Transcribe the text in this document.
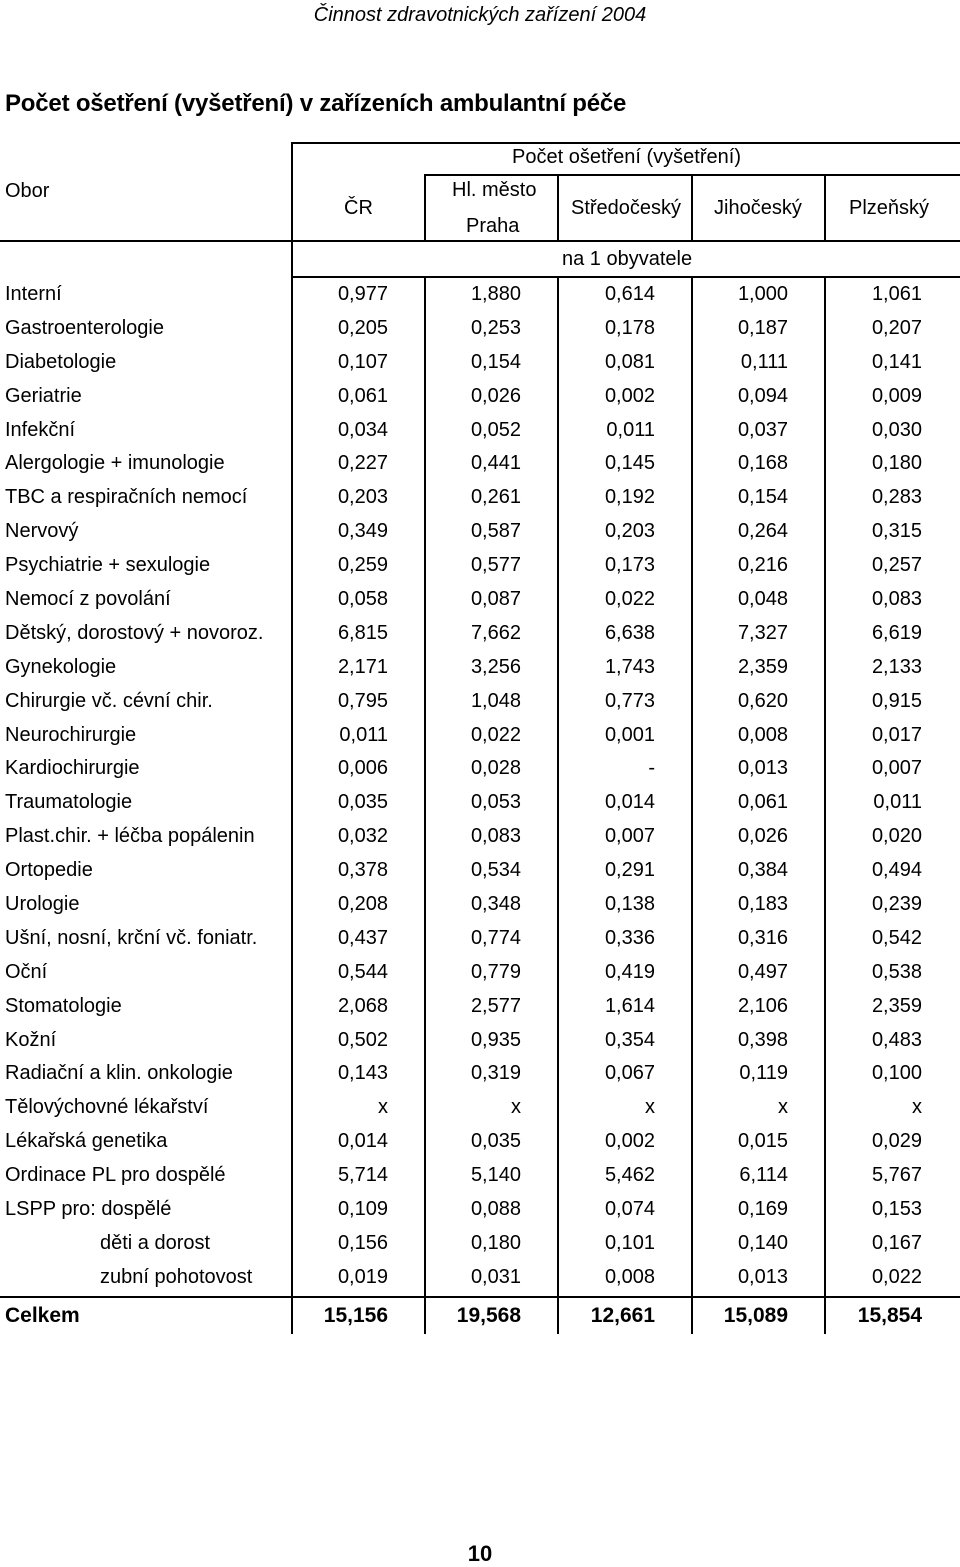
Činnost zdravotnických zařízení 2004
Počet ošetření (vyšetření) v zařízeních ambulantní péče
Obor
Počet ošetření (vyšetření)
ČR
Hl. město
Praha
Středočeský Jihočeský Plzeňský
na 1 obyvatele
Interní	0,977	1,880	0,614	1,000	1,061
Gastroenterologie	0,205	0,253	0,178	0,187	0,207
Diabetologie	0,107	0,154	0,081	0,111	0,141
Geriatrie	0,061	0,026	0,002	0,094	0,009
Infekční	0,034	0,052	0,011	0,037	0,030
Alergologie + imunologie	0,227	0,441	0,145	0,168	0,180
TBC a respiračních nemocí	0,203	0,261	0,192	0,154	0,283
Nervový	0,349	0,587	0,203	0,264	0,315
Psychiatrie + sexulogie	0,259	0,577	0,173	0,216	0,257
Nemocí z povolání	0,058	0,087	0,022	0,048	0,083
Dětský, dorostový + novoroz.	6,815	7,662	6,638	7,327	6,619
Gynekologie	2,171	3,256	1,743	2,359	2,133
Chirurgie vč. cévní chir.	0,795	1,048	0,773	0,620	0,915
Neurochirurgie	0,011	0,022	0,001	0,008	0,017
Kardiochirurgie	0,006	0,028	-	0,013	0,007
Traumatologie	0,035	0,053	0,014	0,061	0,011
Plast.chir. + léčba popálenin	0,032	0,083	0,007	0,026	0,020
Ortopedie	0,378	0,534	0,291	0,384	0,494
Urologie	0,208	0,348	0,138	0,183	0,239
Ušní, nosní, krční vč. foniatr.	0,437	0,774	0,336	0,316	0,542
Oční	0,544	0,779	0,419	0,497	0,538
Stomatologie	2,068	2,577	1,614	2,106	2,359
Kožní	0,502	0,935	0,354	0,398	0,483
Radiační a klin. onkologie	0,143	0,319	0,067	0,119	0,100
Tělovýchovné lékařství	x	x	x	x	x
Lékařská genetika	0,014	0,035	0,002	0,015	0,029
Ordinace PL pro dospělé	5,714	5,140	5,462	6,114	5,767
LSPP pro: dospělé	0,109	0,088	0,074	0,169	0,153
děti a dorost	0,156	0,180	0,101	0,140	0,167
zubní pohotovost	0,019	0,031	0,008	0,013	0,022
Celkem	15,156	19,568	12,661	15,089	15,854
10
